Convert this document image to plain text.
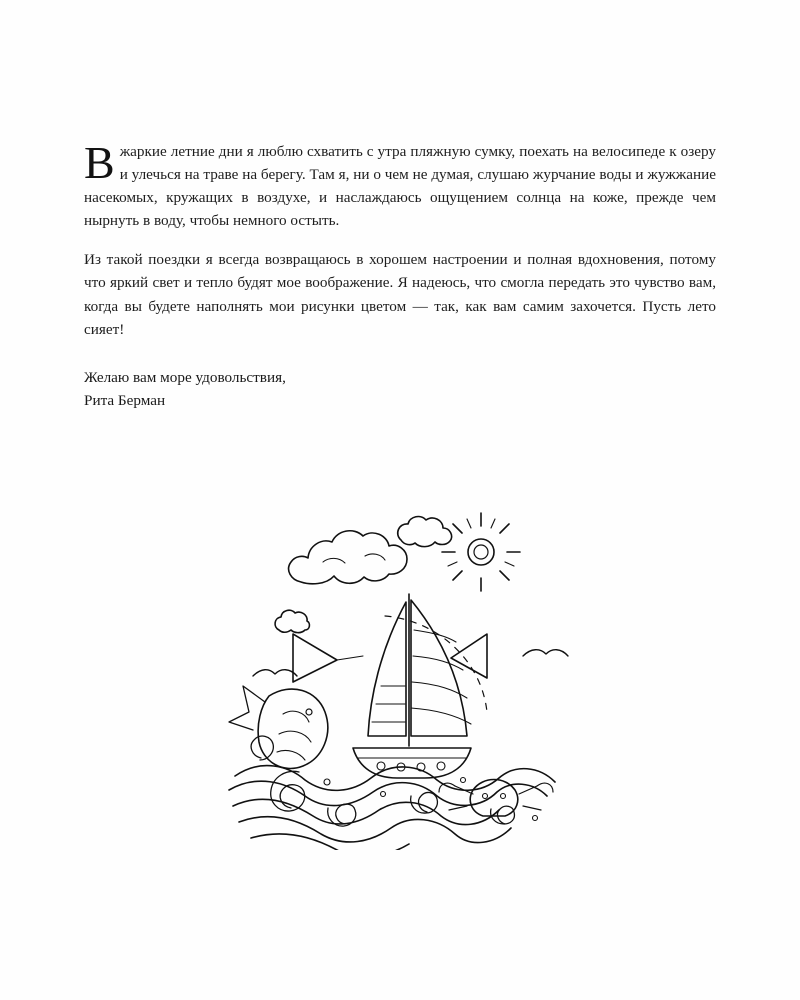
Вжаркие летние дни я люблю схватить с утра пляжную сумку, поехать на велосипеде к озеру и улечься на траве на берегу. Там я, ни о чем не думая, слушаю журчание воды и жужжание насекомых, кружащих в воздухе, и наслаждаюсь ощущением солнца на коже, прежде чем нырнуть в воду, чтобы немного остыть.

Из такой поездки я всегда возвращаюсь в хорошем настроении и полная вдохновения, потому что яркий свет и тепло будят мое воображение. Я надеюсь, что смогла передать это чувство вам, когда вы будете наполнять мои рисунки цветом — так, как вам самим захочется. Пусть лето сияет!

Желаю вам море удовольствия,
Рита Берман
